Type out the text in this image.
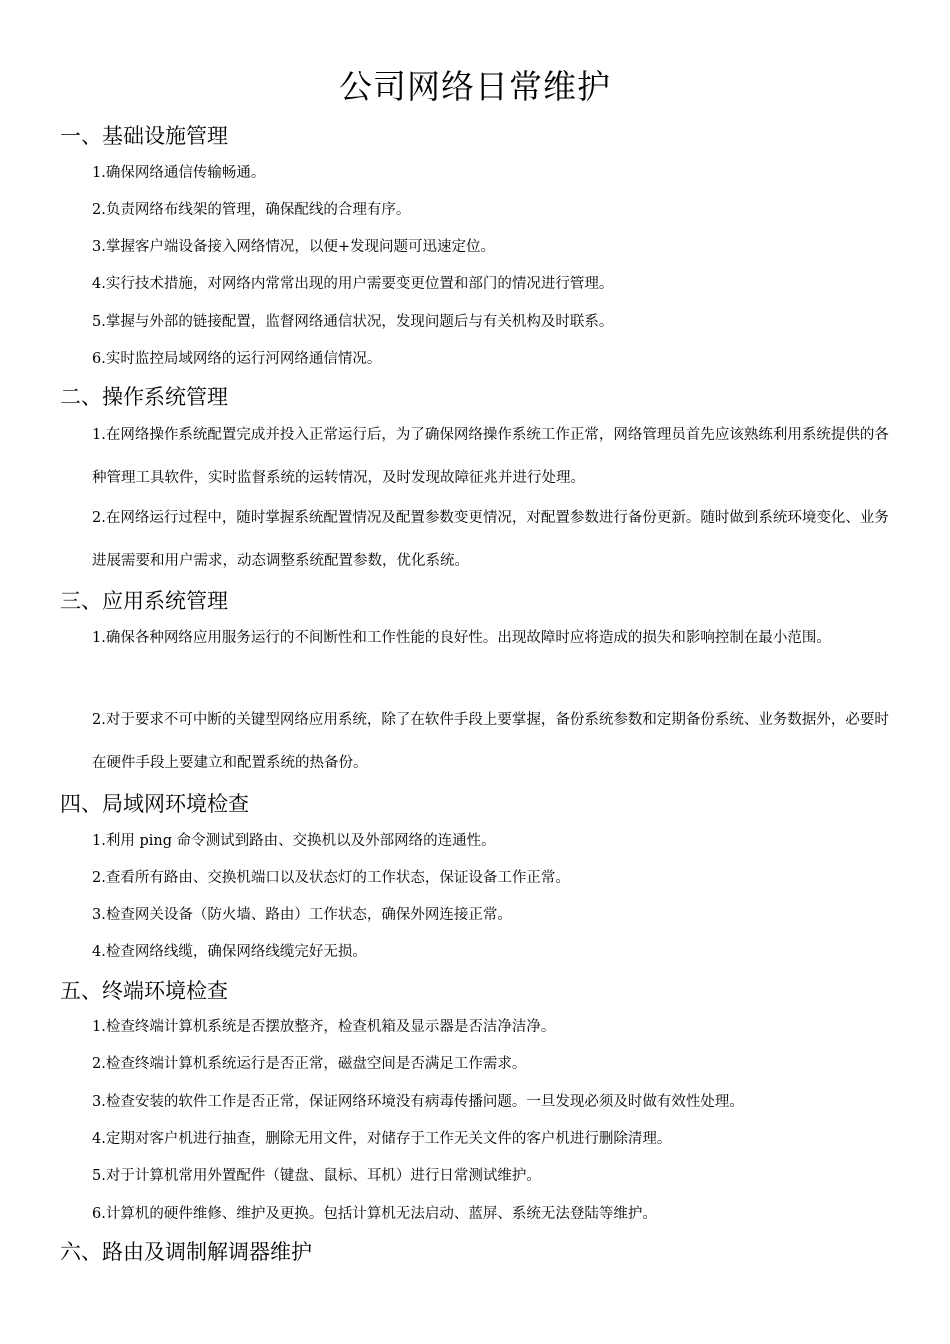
公司网络日常维护
一、基础设施管理
1.确保网络通信传输畅通。
2.负责网络布线架的管理，确保配线的合理有序。
3.掌握客户端设备接入网络情况，以便+发现问题可迅速定位。
4.实行技术措施，对网络内常常出现的用户需要变更位置和部门的情况进行管理。
5.掌握与外部的链接配置，监督网络通信状况，发现问题后与有关机构及时联系。
6.实时监控局域网络的运行河网络通信情况。
二、操作系统管理
1.在网络操作系统配置完成并投入正常运行后，为了确保网络操作系统工作正常，网络管理员首先应该熟练利用系统提供的各种管理工具软件，实时监督系统的运转情况，及时发现故障征兆并进行处理。
2.在网络运行过程中，随时掌握系统配置情况及配置参数变更情况，对配置参数进行备份更新。随时做到系统环境变化、业务进展需要和用户需求，动态调整系统配置参数，优化系统。
三、应用系统管理
1.确保各种网络应用服务运行的不间断性和工作性能的良好性。出现故障时应将造成的损失和影响控制在最小范围。
2.对于要求不可中断的关键型网络应用系统，除了在软件手段上要掌握，备份系统参数和定期备份系统、业务数据外，必要时在硬件手段上要建立和配置系统的热备份。
四、局域网环境检查
1.利用 ping 命令测试到路由、交换机以及外部网络的连通性。
2.查看所有路由、交换机端口以及状态灯的工作状态，保证设备工作正常。
3.检查网关设备（防火墙、路由）工作状态，确保外网连接正常。
4.检查网络线缆，确保网络线缆完好无损。
五、终端环境检查
1.检查终端计算机系统是否摆放整齐，检查机箱及显示器是否洁净洁净。
2.检查终端计算机系统运行是否正常，磁盘空间是否满足工作需求。
3.检查安装的软件工作是否正常，保证网络环境没有病毒传播问题。一旦发现必须及时做有效性处理。
4.定期对客户机进行抽查，删除无用文件，对储存于工作无关文件的客户机进行删除清理。
5.对于计算机常用外置配件（键盘、鼠标、耳机）进行日常测试维护。
6.计算机的硬件维修、维护及更换。包括计算机无法启动、蓝屏、系统无法登陆等维护。
六、路由及调制解调器维护
